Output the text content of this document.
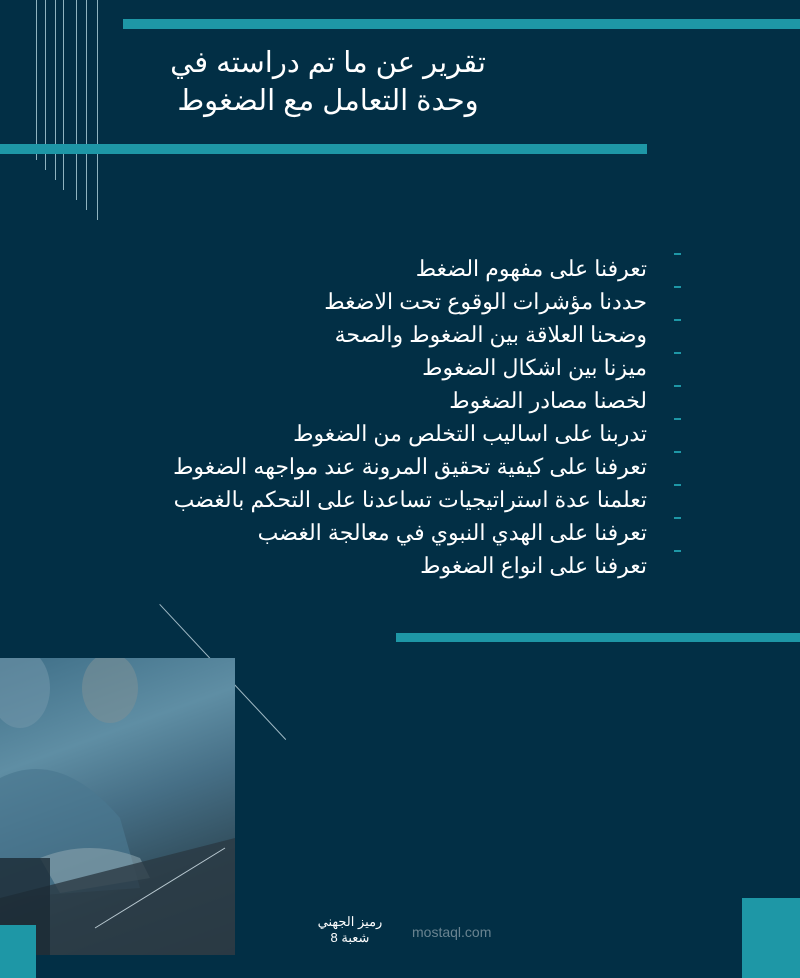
تقرير عن ما تم دراسته في
وحدة التعامل مع الضغوط
تعرفنا على مفهوم الضغط
حددنا مؤشرات الوقوع تحت الاضغط
وضحنا العلاقة بين الضغوط والصحة
ميزنا بين اشكال الضغوط
لخصنا مصادر الضغوط
تدربنا على اساليب التخلص من الضغوط
تعرفنا على كيفية تحقيق المرونة عند مواجهه الضغوط
تعلمنا عدة استراتيجيات تساعدنا على التحكم بالغضب
تعرفنا على الهدي النبوي في معالجة الغضب
تعرفنا على انواع الضغوط
mostaql.com
رميز الجهني
شعبة 8
